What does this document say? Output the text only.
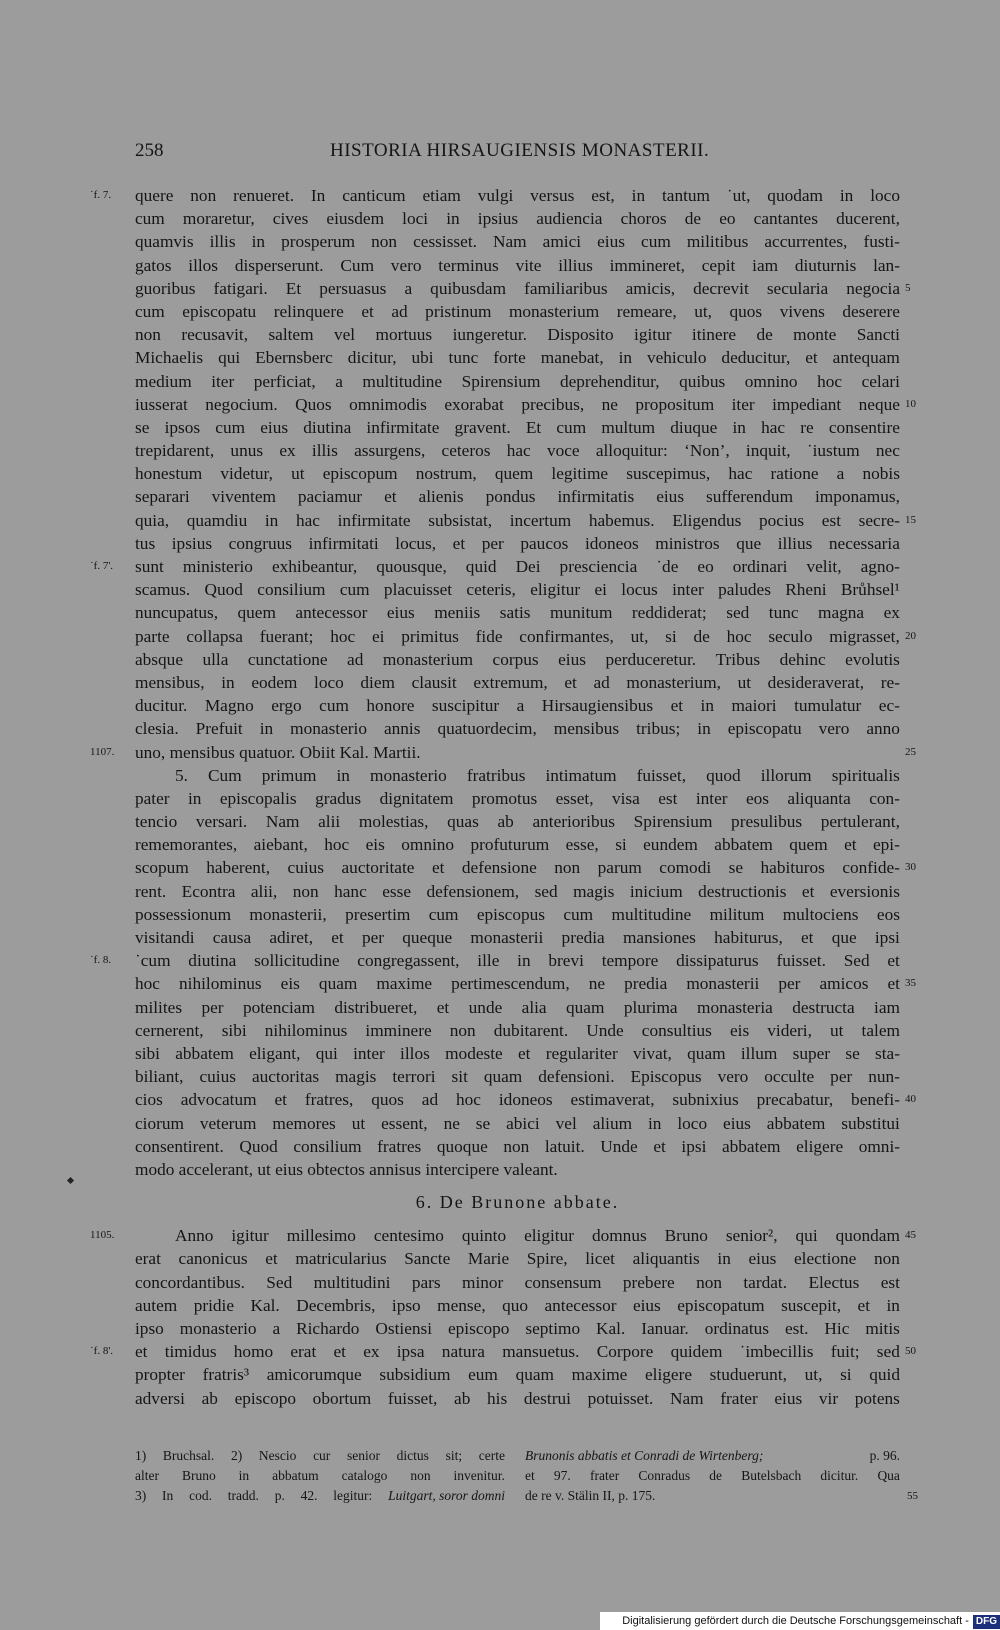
258	HISTORIA HIRSAUGIENSIS MONASTERII.
quere non renueret. In canticum etiam vulgi versus est, in tantum ˙ut, quodam in loco
˙f. 7.
cum moraretur, cives eiusdem loci in ipsius audiencia choros de eo cantantes ducerent,
quamvis illis in prosperum non cessisset. Nam amici eius cum militibus accurrentes, fusti-
gatos illos disperserunt. Cum vero terminus vite illius immineret, cepit iam diuturnis lan-
guoribus fatigari. Et persuasus a quibusdam familiaribus amicis, decrevit secularia negocia 5
cum episcopatu relinquere et ad pristinum monasterium remeare, ut, quos vivens deserere
non recusavit, saltem vel mortuus iungeretur. Disposito igitur itinere de monte Sancti
Michaelis qui Ebernsberc dicitur, ubi tunc forte manebat, in vehiculo deducitur, et antequam
medium iter perficiat, a multitudine Spirensium deprehenditur, quibus omnino hoc celari
iusserat negocium. Quos omnimodis exorabat precibus, ne propositum iter impediant neque 10
se ipsos cum eius diutina infirmitate gravent. Et cum multum diuque in hac re consentire
trepidarent, unus ex illis assurgens, ceteros hac voce alloquitur: ‘Non’, inquit, ˙iustum nec
honestum videtur, ut episcopum nostrum, quem legitime suscepimus, hac ratione a nobis
separari viventem paciamur et alienis pondus infirmitatis eius sufferendum imponamus,
quia, quamdiu in hac infirmitate subsistat, incertum habemus. Eligendus pocius est secre- 15
tus ipsius congruus infirmitati locus, et per paucos idoneos ministros que illius necessaria
sunt ministerio exhibeantur, quousque, quid Dei presciencia ˙de eo ordinari velit, agno-
˙f. 7'.
scamus. Quod consilium cum placuisset ceteris, eligitur ei locus inter paludes Rheni Brůhsel¹
nuncupatus, quem antecessor eius meniis satis munitum reddiderat; sed tunc magna ex
parte collapsa fuerant; hoc ei primitus fide confirmantes, ut, si de hoc seculo migrasset, 20
absque ulla cunctatione ad monasterium corpus eius perduceretur. Tribus dehinc evolutis
mensibus, in eodem loco diem clausit extremum, et ad monasterium, ut desideraverat, re-
ducitur. Magno ergo cum honore suscipitur a Hirsaugiensibus et in maiori tumulatur ec-
clesia. Prefuit in monasterio annis quatuordecim, mensibus tribus; in episcopatu vero anno
uno, mensibus quatuor. Obiit Kal. Martii.
1107.	25
5. Cum primum in monasterio fratribus intimatum fuisset, quod illorum spiritualis
pater in episcopalis gradus dignitatem promotus esset, visa est inter eos aliquanta con-
tencio versari. Nam alii molestias, quas ab anterioribus Spirensium presulibus pertulerant,
rememorantes, aiebant, hoc eis omnino profuturum esse, si eundem abbatem quem et epi-
scopum haberent, cuius auctoritate et defensione non parum comodi se habituros confide- 30
rent. Econtra alii, non hanc esse defensionem, sed magis inicium destructionis et eversionis
possessionum monasterii, presertim cum episcopus cum multitudine militum multociens eos
visitandi causa adiret, et per queque monasterii predia mansiones habiturus, et que ipsi
˙cum diutina sollicitudine congregassent, ille in brevi tempore dissipaturus fuisset. Sed et
˙f. 8.
hoc nihilominus eis quam maxime pertimescendum, ne predia monasterii per amicos et 35
milites per potenciam distribueret, et unde alia quam plurima monasteria destructa iam
cernerent, sibi nihilominus imminere non dubitarent. Unde consultius eis videri, ut talem
sibi abbatem eligant, qui inter illos modeste et regulariter vivat, quam illum super se sta-
biliant, cuius auctoritas magis terrori sit quam defensioni. Episcopus vero occulte per nun-
cios advocatum et fratres, quos ad hoc idoneos estimaverat, subnixius precabatur, benefi- 40
ciorum veterum memores ut essent, ne se abici vel alium in loco eius abbatem substitui
consentirent. Quod consilium fratres quoque non latuit. Unde et ipsi abbatem eligere omni-
modo accelerant, ut eius obtectos annisus intercipere valeant.
6. De Brunone abbate.
Anno igitur millesimo centesimo quinto eligitur domnus Bruno senior², qui quondam
1105.	45
erat canonicus et matricularius Sancte Marie Spire, licet aliquantis in eius electione non
concordantibus. Sed multitudini pars minor consensum prebere non tardat. Electus est
autem pridie Kal. Decembris, ipso mense, quo antecessor eius episcopatum suscepit, et in
ipso monasterio a Richardo Ostiensi episcopo septimo Kal. Ianuar. ordinatus est. Hic mitis
et timidus homo erat et ex ipsa natura mansuetus. Corpore quidem ˙imbecillis fuit; sed
˙f. 8'.	50
propter fratris³ amicorumque subsidium eum quam maxime eligere studuerunt, ut, si quid
adversi ab episcopo obortum fuisset, ab his destrui potuisset. Nam frater eius vir potens
1) Bruchsal. 2) Nescio cur senior dictus sit; certe Brunonis abbatis et Conradi de Wirtenberg;	p. 96.
alter Bruno in abbatum catalogo non invenitur. et 97. frater Conradus de Butelsbach dicitur. Qua
3) In cod. tradd. p. 42. legitur: Luitgart, soror domni de re v. Stälin II, p. 175.	55
Digitalisierung gefördert durch die Deutsche Forschungsgemeinschaft - DFG
